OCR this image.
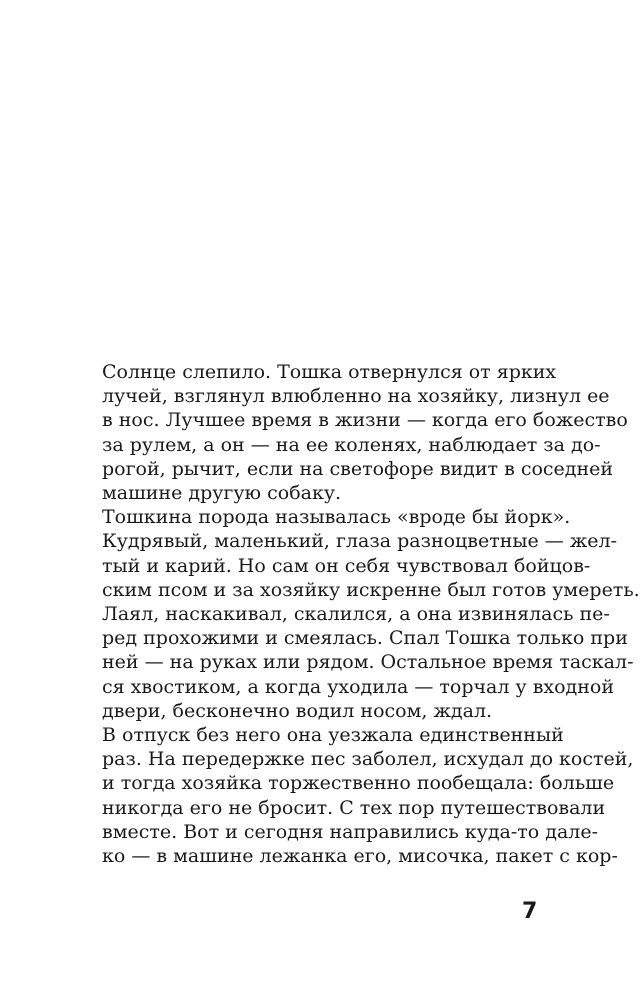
Солнце слепило. Тошка отвернулся от ярких
лучей, взглянул влюбленно на хозяйку, лизнул ее
в нос. Лучшее время в жизни — когда его божество
за рулем, а он — на ее коленях, наблюдает за до-
рогой, рычит, если на светофоре видит в соседней
машине другую собаку.
Тошкина порода называлась «вроде бы йорк».
Кудрявый, маленький, глаза разноцветные — жел-
тый и карий. Но сам он себя чувствовал бойцов-
ским псом и за хозяйку искренне был готов умереть.
Лаял, наскакивал, скалился, а она извинялась пе-
ред прохожими и смеялась. Спал Тошка только при
ней — на руках или рядом. Остальное время таскал-
ся хвостиком, а когда уходила — торчал у входной
двери, бесконечно водил носом, ждал.
В отпуск без него она уезжала единственный
раз. На передержке пес заболел, исхудал до костей,
и тогда хозяйка торжественно пообещала: больше
никогда его не бросит. С тех пор путешествовали
вместе. Вот и сегодня направились куда-то дале-
ко — в машине лежанка его, мисочка, пакет с кор-
7
